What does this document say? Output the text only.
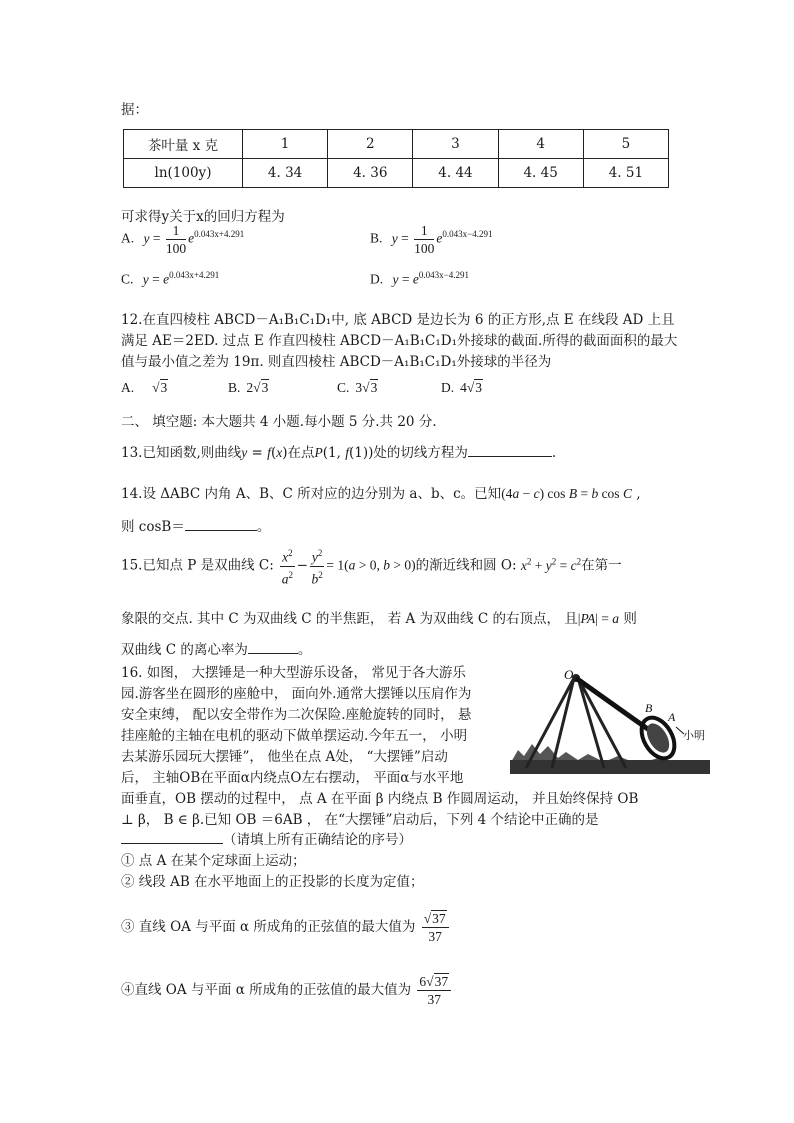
据：
茶叶量 x 克	1	2	3	4	5
ln(100y)	4. 34	4. 36	4. 44	4. 45	4. 51
可求得y关于x的回归方程为
A. $y = \frac{1}{100} e^{0.043x+4.291}$	B. $y = \frac{1}{100} e^{0.043x-4.291}$
C. $y = e^{0.043x+4.291}$	D. $y = e^{0.043x-4.291}$
12.在直四棱柱 ABCD－A₁B₁C₁D₁中, 底 ABCD 是边长为 6 的正方形,点 E 在线段 AD 上且
满足 AE＝2ED. 过点 E 作直四棱柱 ABCD－A₁B₁C₁D₁外接球的截面.所得的截面面积的最大
值与最小值之差为 19π. 则直四棱柱 ABCD－A₁B₁C₁D₁外接球的半径为
A. √3	B. 2√3	C. 3√3	D. 4√3
二、 填空题: 本大题共 4 小题.每小题 5 分.共 20 分.
13.已知函数,则曲线y = f(x)在点P(1, f(1))处的切线方程为	.
14.设 ΔABC 内角 A、B、C 所对应的边分别为 a、b、c。已知(4a − c) cos B = b cos C ,
则 cosB＝	。
15.已知点 P 是双曲线 C: $\frac{x^2}{a^2} - \frac{y^2}{b^2} = 1(a > 0$, b > 0)的渐近线和圆 O: $x^2 + y^2 = c^2$在第一
象限的交点. 其中 C 为双曲线 C 的半焦距， 若 A 为双曲线 C 的右顶点， 且|PA| = a 则
双曲线 C 的离心率为	。
16. 如图， 大摆锤是一种大型游乐设备， 常见于各大游乐
园.游客坐在圆形的座舱中， 面向外.通常大摆锤以压肩作为
安全束缚， 配以安全带作为二次保险.座舱旋转的同时， 悬
挂座舱的主轴在电机的驱动下做单摆运动.今年五一， 小明
去某游乐园玩大摆锤”， 他坐在点 A处， “大摆锤”启动
后， 主轴OB在平面α内绕点O左右摆动， 平面α与水平地
面垂直，OB 摆动的过程中， 点 A 在平面 β 内绕点 B 作圆周运动， 并且始终保持 OB
⊥ β， B ∈ β.已知 OB ＝6AB ， 在“大摆锤”启动后，下列 4 个结论中正确的是
（请填上所有正确结论的序号）
① 点 A 在某个定球面上运动；
② 线段 AB 在水平地面上的正投影的长度为定值；
③ 直线 OA 与平面 α 所成角的正弦值的最大值为 $\frac{√37}{37}$
④直线 OA 与平面 α 所成角的正弦值的最大值为 $\frac{6√37}{37}$
O
B
A
小明
